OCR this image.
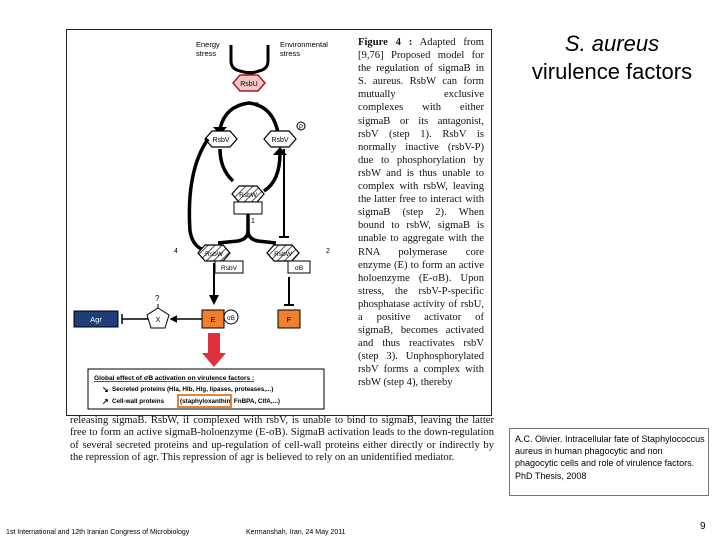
Energy
stress
Environmental
stress
RsbU
3
RsbV	RsbV
P
RsbW
1
4	2
RsbW
RsbV
RsbW
σB
?
Agr	X	E σB	F
Global effect of σB activation on virulence factors :
↘ Secreted proteins (Hla, Hlb, Hlg, lipases, proteases,...)
↗ Cell-wall proteins	(staphyloxanthin, FnBPA, ClfA,...)
Figure 4 : Adapted from [9,76] Proposed model for the regulation of sigmaB in S. aureus. RsbW can form mutually exclusive complexes with either sigmaB or its antagonist, rsbV (step 1). RsbV is normally inactive (rsbV-P) due to phosphorylation by rsbW and is thus unable to complex with rsbW, leaving the latter free to interact with sigmaB (step 2). When bound to rsbW, sigmaB is unable to aggregate with the RNA polymerase core enzyme (E) to form an active holoenzyme (E-σB). Upon stress, the rsbV-P-specific phosphatase activity of rsbU, a positive activator of sigmaB, becomes activated and thus reactivates rsbV (step 3). Unphosphorylated rsbV forms a complex with rsbW (step 4), thereby
releasing sigmaB. RsbW, if complexed with rsbV, is unable to bind to sigmaB, leaving the latter free to form an active sigmaB-holoenzyme (E-σB). SigmaB activation leads to the down-regulation of several secreted proteins and up-regulation of cell-wall proteins either directly or indirectly by the repression of agr. This repression of agr is believed to rely on an unidentified mediator.
S. aureus
virulence factors
A.C. Olivier. Intracellular fate of Staphylococcus aureus in human phagocytic and non phagocytic cells and role of virulence factors. PhD Thesis, 2008
1st International and 12th Iranian Congress of Microbiology	Kermanshah, Iran, 24 May 2011
9
